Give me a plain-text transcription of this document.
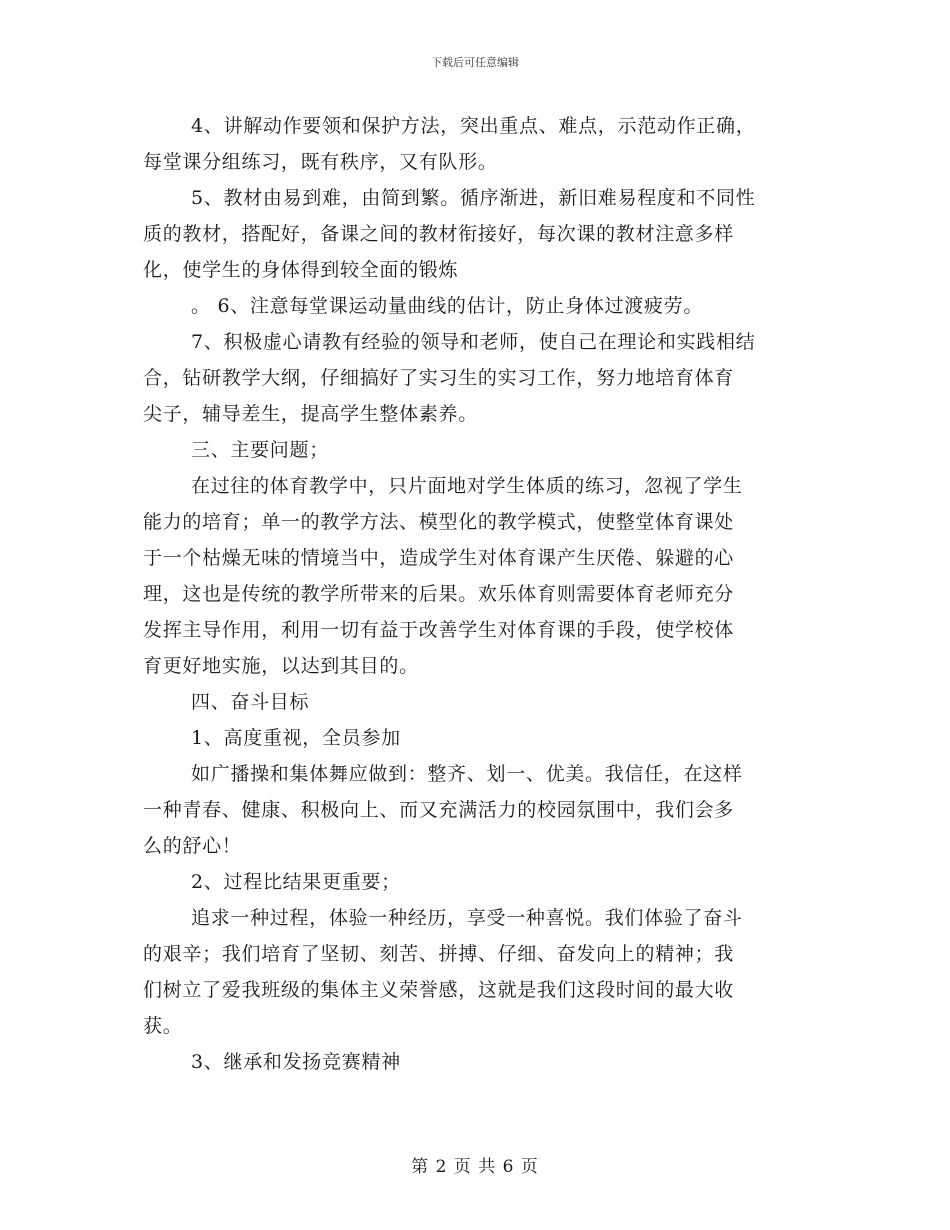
下载后可任意编辑
4、讲解动作要领和保护方法，突出重点、难点，示范动作正确，
每堂课分组练习，既有秩序，又有队形。
5、教材由易到难，由简到繁。循序渐进，新旧难易程度和不同性
质的教材，搭配好，备课之间的教材衔接好，每次课的教材注意多样
化，使学生的身体得到较全面的锻炼
。 6、注意每堂课运动量曲线的估计，防止身体过渡疲劳。
7、积极虚心请教有经验的领导和老师，使自己在理论和实践相结
合，钻研教学大纲，仔细搞好了实习生的实习工作，努力地培育体育
尖子，辅导差生，提高学生整体素养。
三、主要问题；
在过往的体育教学中，只片面地对学生体质的练习，忽视了学生
能力的培育；单一的教学方法、模型化的教学模式，使整堂体育课处
于一个枯燥无味的情境当中，造成学生对体育课产生厌倦、躲避的心
理，这也是传统的教学所带来的后果。欢乐体育则需要体育老师充分
发挥主导作用，利用一切有益于改善学生对体育课的手段，使学校体
育更好地实施，以达到其目的。
四、奋斗目标
1、高度重视，全员参加
如广播操和集体舞应做到：整齐、划一、优美。我信任，在这样
一种青春、健康、积极向上、而又充满活力的校园氛围中，我们会多
么的舒心！
2、过程比结果更重要；
追求一种过程，体验一种经历，享受一种喜悦。我们体验了奋斗
的艰辛；我们培育了坚韧、刻苦、拼搏、仔细、奋发向上的精神；我
们树立了爱我班级的集体主义荣誉感，这就是我们这段时间的最大收
获。
3、继承和发扬竞赛精神
第 2 页 共 6 页
